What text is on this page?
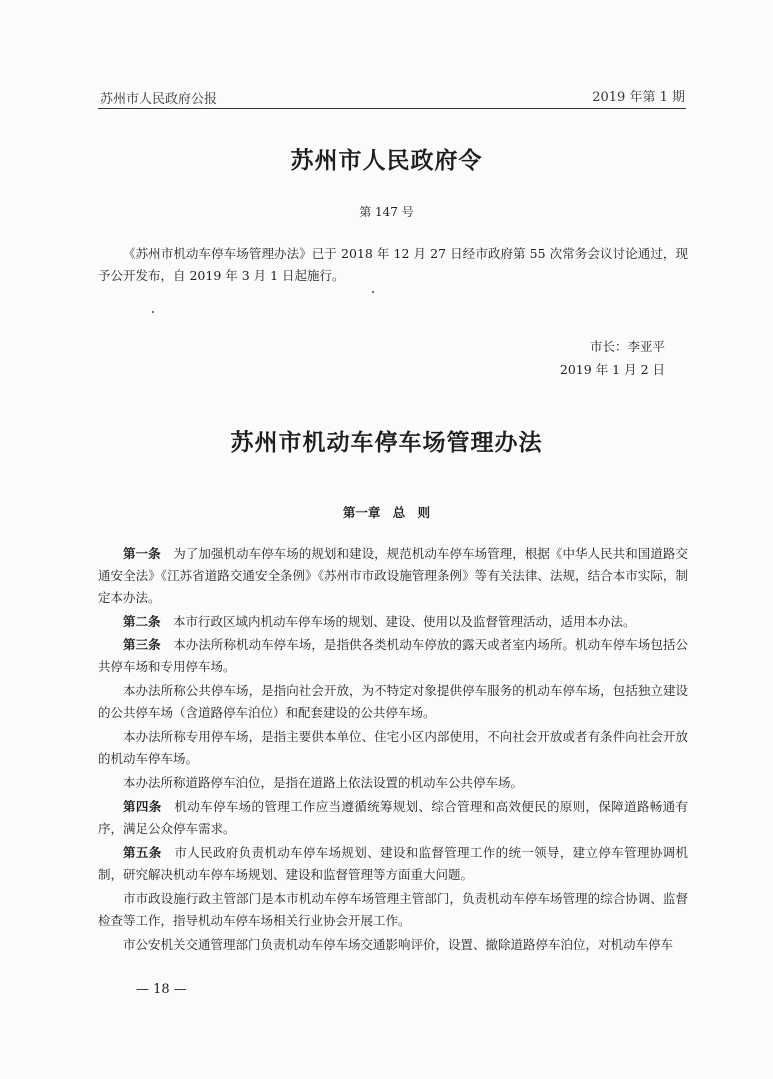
苏州市人民政府公报	2019 年第 1 期
苏州市人民政府令
第 147 号

《苏州市机动车停车场管理办法》已于 2018 年 12 月 27 日经市政府第 55 次常务会议讨论通过，现予公开发布，自 2019 年 3 月 1 日起施行。

市长：李亚平
2019 年 1 月 2 日
苏州市机动车停车场管理办法
第一章 总 则

第一条　 为了加强机动车停车场的规划和建设，规范机动车停车场管理，根据《中华人民共和国道路交通安全法》《江苏省道路交通安全条例》《苏州市市政设施管理条例》等有关法律、法规，结合本市实际，制定本办法。

第二条　 本市行政区域内机动车停车场的规划、建设、使用以及监督管理活动，适用本办法。

第三条　 本办法所称机动车停车场，是指供各类机动车停放的露天或者室内场所。机动车停车场包括公共停车场和专用停车场。

本办法所称公共停车场，是指向社会开放，为不特定对象提供停车服务的机动车停车场，包括独立建设的公共停车场（含道路停车泊位）和配套建设的公共停车场。

本办法所称专用停车场，是指主要供本单位、住宅小区内部使用，不向社会开放或者有条件向社会开放的机动车停车场。

本办法所称道路停车泊位，是指在道路上依法设置的机动车公共停车场。

第四条　 机动车停车场的管理工作应当遵循统筹规划、综合管理和高效便民的原则，保障道路畅通有序，满足公众停车需求。

第五条　 市人民政府负责机动车停车场规划、建设和监督管理工作的统一领导，建立停车管理协调机制，研究解决机动车停车场规划、建设和监督管理等方面重大问题。

市市政设施行政主管部门是本市机动车停车场管理主管部门，负责机动车停车场管理的综合协调、监督检查等工作，指导机动车停车场相关行业协会开展工作。

市公安机关交通管理部门负责机动车停车场交通影响评价，设置、撤除道路停车泊位，对机动车停车

— 18 —
